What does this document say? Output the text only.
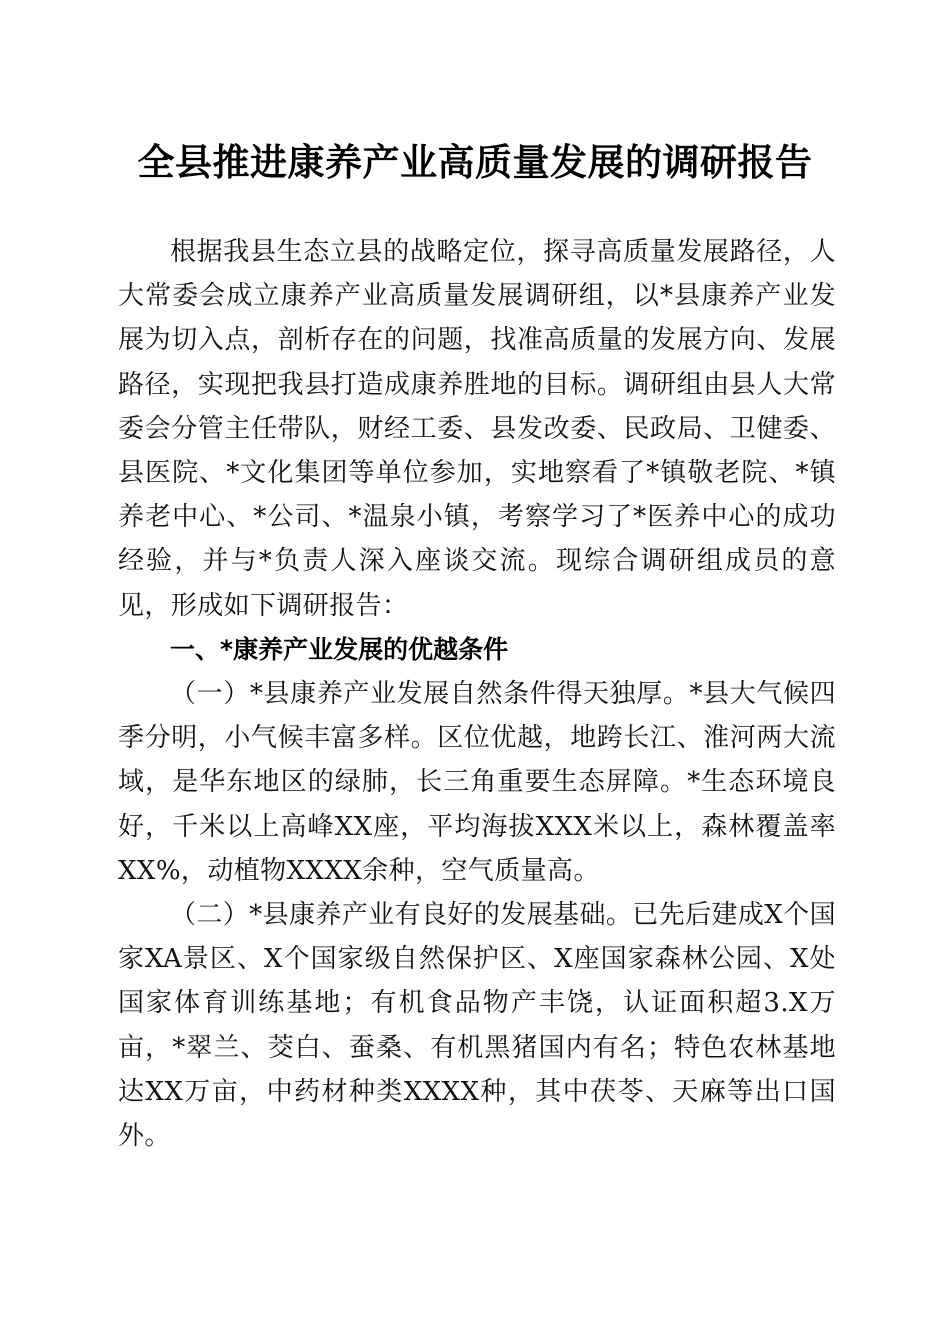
全县推进康养产业高质量发展的调研报告

根据我县生态立县的战略定位，探寻高质量发展路径，人大常委会成立康养产业高质量发展调研组，以*县康养产业发展为切入点，剖析存在的问题，找准高质量的发展方向、发展路径，实现把我县打造成康养胜地的目标。调研组由县人大常委会分管主任带队，财经工委、县发改委、民政局、卫健委、县医院、*文化集团等单位参加，实地察看了*镇敬老院、*镇养老中心、*公司、*温泉小镇，考察学习了*医养中心的成功经验，并与*负责人深入座谈交流。现综合调研组成员的意见，形成如下调研报告：

一、*康养产业发展的优越条件

（一）*县康养产业发展自然条件得天独厚。*县大气候四季分明，小气候丰富多样。区位优越，地跨长江、淮河两大流域，是华东地区的绿肺，长三角重要生态屏障。*生态环境良好，千米以上高峰XX座，平均海拔XXX米以上，森林覆盖率XX%，动植物XXXX余种，空气质量高。

（二）*县康养产业有良好的发展基础。已先后建成X个国家XA景区、X个国家级自然保护区、X座国家森林公园、X处国家体育训练基地；有机食品物产丰饶，认证面积超3.X万亩，*翠兰、茭白、蚕桑、有机黑猪国内有名；特色农林基地达XX万亩，中药材种类XXXX种，其中茯苓、天麻等出口国外。
